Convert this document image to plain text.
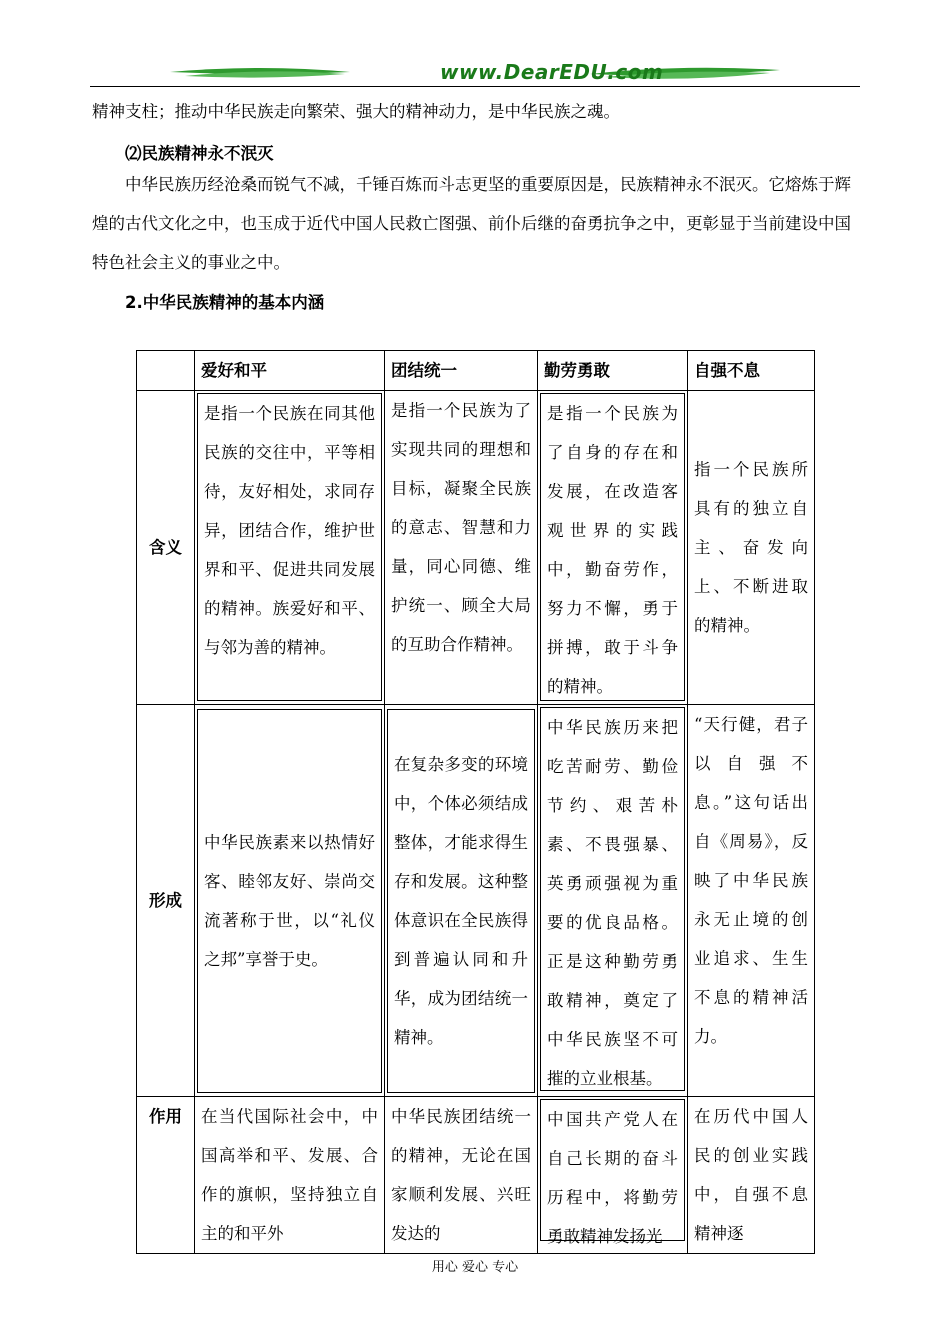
www.DearEDU.com

精神支柱；推动中华民族走向繁荣、强大的精神动力，是中华民族之魂。

⑵民族精神永不泯灭

中华民族历经沧桑而锐气不减，千锤百炼而斗志更坚的重要原因是，民族精神永不泯灭。它熔炼于辉煌的古代文化之中，也玉成于近代中国人民救亡图强、前仆后继的奋勇抗争之中，更彰显于当前建设中国特色社会主义的事业之中。

2.中华民族精神的基本内涵

	爱好和平	团结统一	勤劳勇敢	自强不息
含义	是指一个民族在同其他民族的交往中，平等相待，友好相处，求同存异，团结合作，维护世界和平、促进共同发展的精神。族爱好和平、与邻为善的精神。	是指一个民族为了实现共同的理想和目标，凝聚全民族的意志、智慧和力量，同心同德、维护统一、顾全大局的互助合作精神。	是指一个民族为了自身的存在和发展，在改造客观世界的实践中，勤奋劳作，努力不懈，勇于拼搏，敢于斗争的精神。	指一个民族所具有的独立自主、奋发向上、不断进取的精神。
形成	中华民族素来以热情好客、睦邻友好、崇尚交流著称于世，以“礼仪之邦”享誉于史。	在复杂多变的环境中，个体必须结成整体，才能求得生存和发展。这种整体意识在全民族得到普遍认同和升华，成为团结统一精神。	中华民族历来把吃苦耐劳、勤俭节约、艰苦朴素、不畏强暴、英勇顽强视为重要的优良品格。正是这种勤劳勇敢精神，奠定了中华民族坚不可摧的立业根基。	“天行健，君子以自强不息。”这句话出自《周易》，反映了中华民族永无止境的创业追求、生生不息的精神活力。
作用	在当代国际社会中，中国高举和平、发展、合作的旗帜，坚持独立自主的和平外	中华民族团结统一的精神，无论在国家顺利发展、兴旺发达的	中国共产党人在自己长期的奋斗历程中，将勤劳勇敢精神发扬光	在历代中国人民的创业实践中，自强不息精神逐
用心 爱心 专心
